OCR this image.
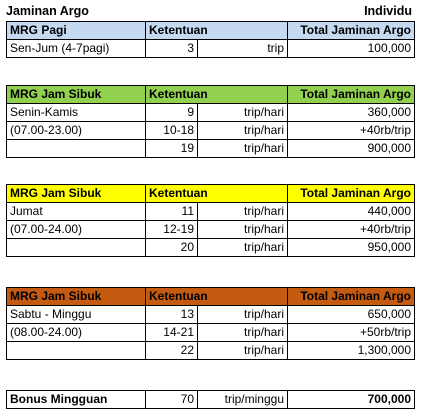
Jaminan Argo	Individu
MRG Pagi	Ketentuan		Total Jaminan Argo
Sen-Jum (4-7pagi)	3	trip	100,000
MRG Jam Sibuk	Ketentuan		Total Jaminan Argo
Senin-Kamis	9	trip/hari	360,000
(07.00-23.00)	10-18	trip/hari	+40rb/trip
	19	trip/hari	900,000
MRG Jam Sibuk	Ketentuan		Total Jaminan Argo
Jumat	11	trip/hari	440,000
(07.00-24.00)	12-19	trip/hari	+40rb/trip
	20	trip/hari	950,000
MRG Jam Sibuk	Ketentuan		Total Jaminan Argo
Sabtu - Minggu	13	trip/hari	650,000
(08.00-24.00)	14-21	trip/hari	+50rb/trip
	22	trip/hari	1,300,000
Bonus Mingguan	70	trip/minggu	700,000
